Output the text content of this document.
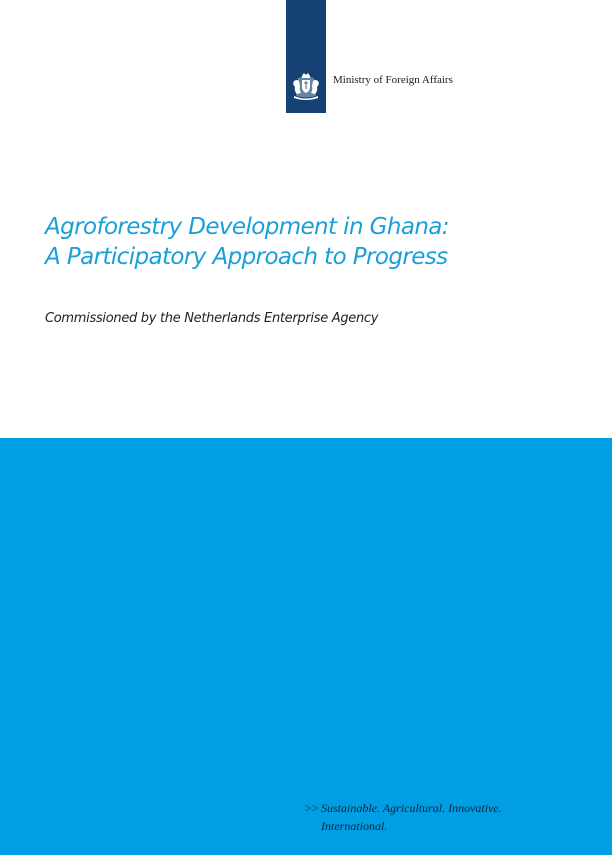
Ministry of Foreign Affairs
Agroforestry Development in Ghana:
A Participatory Approach to Progress
Commissioned by the Netherlands Enterprise Agency
>> Sustainable. Agricultural. Innovative.
International.
